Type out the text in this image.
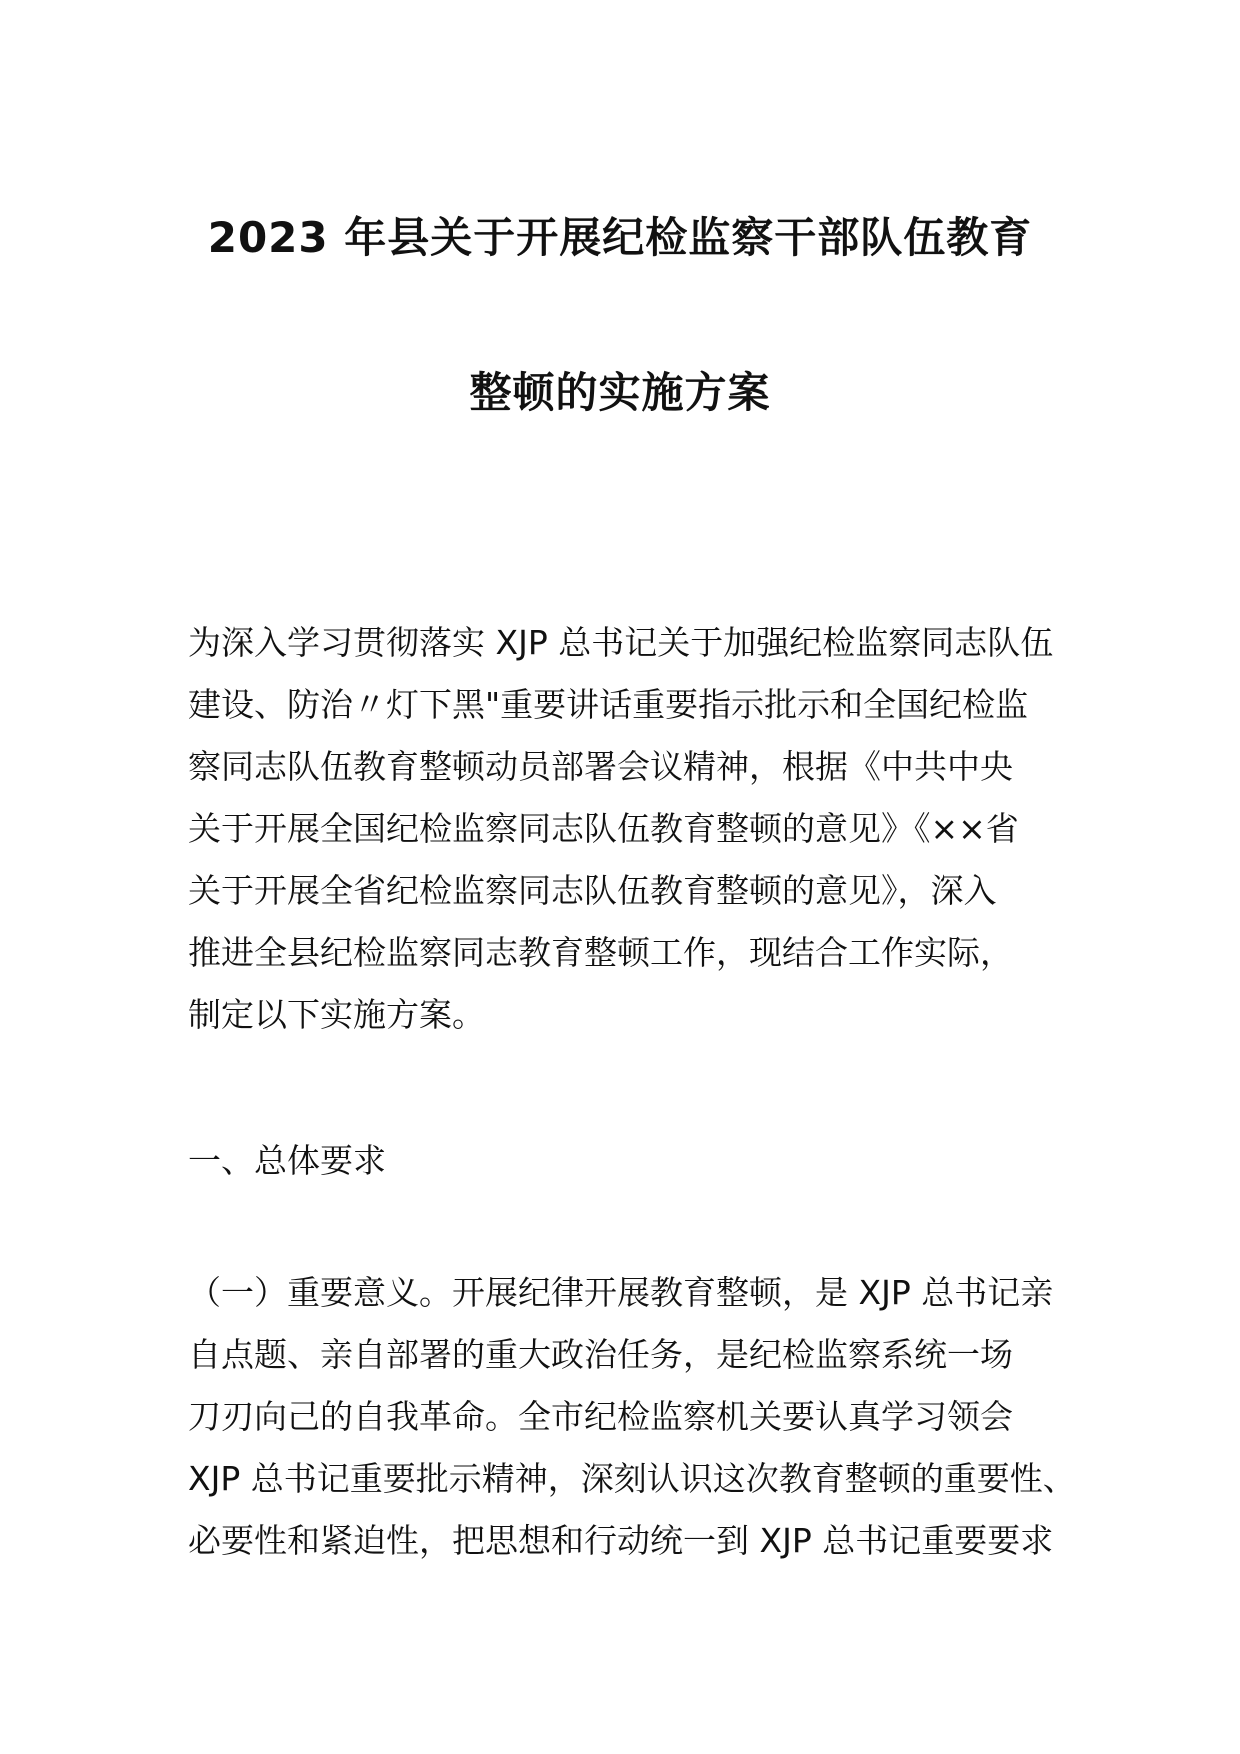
2023 年县关于开展纪检监察干部队伍教育
整顿的实施方案
为深入学习贯彻落实 XJP 总书记关于加强纪检监察同志队伍
建设、防治〃灯下黑"重要讲话重要指示批示和全国纪检监
察同志队伍教育整顿动员部署会议精神，根据《中共中央
关于开展全国纪检监察同志队伍教育整顿的意见》《××省
关于开展全省纪检监察同志队伍教育整顿的意见》，深入
推进全县纪检监察同志教育整顿工作，现结合工作实际，
制定以下实施方案。
一、总体要求
（一）重要意义。开展纪律开展教育整顿，是 XJP 总书记亲
自点题、亲自部署的重大政治任务，是纪检监察系统一场
刀刃向己的自我革命。全市纪检监察机关要认真学习领会
XJP 总书记重要批示精神，深刻认识这次教育整顿的重要性、
必要性和紧迫性，把思想和行动统一到 XJP 总书记重要要求
